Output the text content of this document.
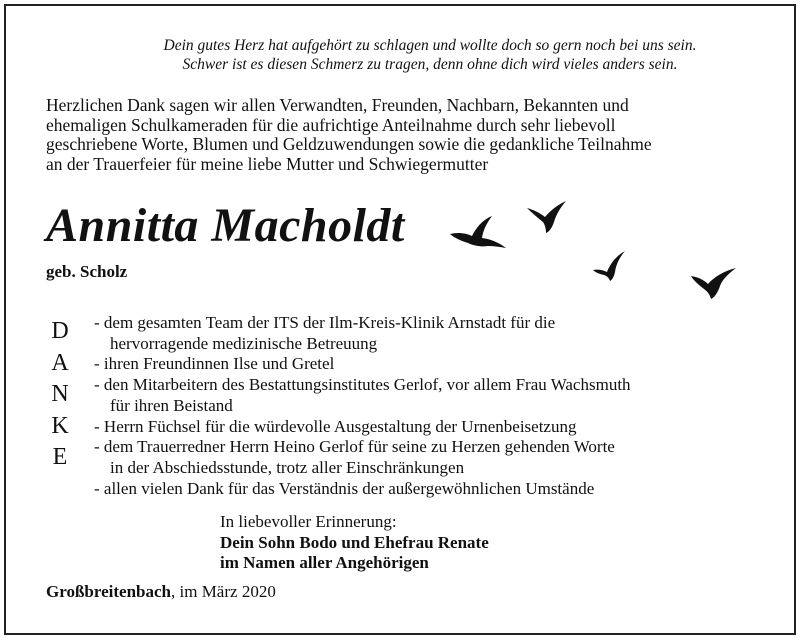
Dein gutes Herz hat aufgehört zu schlagen und wollte doch so gern noch bei uns sein.
Schwer ist es diesen Schmerz zu tragen, denn ohne dich wird vieles anders sein.
Herzlichen Dank sagen wir allen Verwandten, Freunden, Nachbarn, Bekannten und
ehemaligen Schulkameraden für die aufrichtige Anteilnahme durch sehr liebevoll
geschriebene Worte, Blumen und Geldzuwendungen sowie die gedankliche Teilnahme
an der Trauerfeier für meine liebe Mutter und Schwiegermutter
Annitta Macholdt
geb. Scholz
D
A
N
K
E
- dem gesamten Team der ITS der Ilm-Kreis-Klinik Arnstadt für die
hervorragende medizinische Betreuung
- ihren Freundinnen Ilse und Gretel
- den Mitarbeitern des Bestattungsinstitutes Gerlof, vor allem Frau Wachsmuth
für ihren Beistand
- Herrn Füchsel für die würdevolle Ausgestaltung der Urnenbeisetzung
- dem Trauerredner Herrn Heino Gerlof für seine zu Herzen gehenden Worte
in der Abschiedsstunde, trotz aller Einschränkungen
- allen vielen Dank für das Verständnis der außergewöhnlichen Umstände
In liebevoller Erinnerung:
Dein Sohn Bodo und Ehefrau Renate
im Namen aller Angehörigen
Großbreitenbach, im März 2020
